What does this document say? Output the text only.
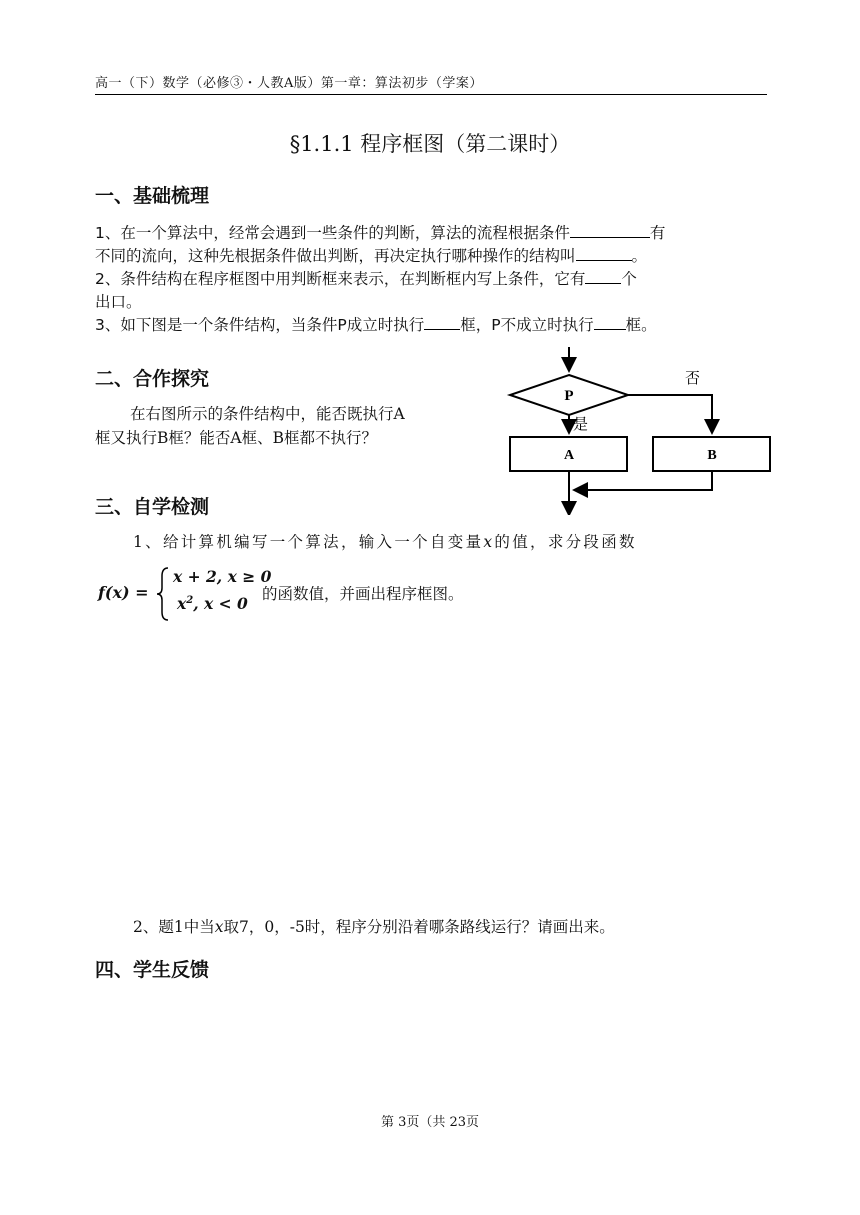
高一（下）数学（必修③・人教A版）第一章：算法初步（学案）
§1.1.1 程序框图（第二课时）
一、基础梳理
1、在一个算法中，经常会遇到一些条件的判断，算法的流程根据条件	有
不同的流向，这种先根据条件做出判断，再决定执行哪种操作的结构叫	。
2、条件结构在程序框图中用判断框来表示，在判断框内写上条件，它有 个
出口。
3、如下图是一个条件结构，当条件P成立时执行 框，P不成立时执行 框。
二、合作探究
在右图所示的条件结构中，能否既执行A
框又执行B框？能否A框、B框都不执行？
P
否
是
A	B
三、自学检测
1、给计算机编写一个算法，输入一个自变量x的值，求分段函数
f(x) =
x + 2, x ≥ 0
$x^2$, x < 0 的函数值，并画出程序框图。
2、题1中当x取7，0，-5时，程序分别沿着哪条路线运行？请画出来。
四、学生反馈
第 3页（共 23页
